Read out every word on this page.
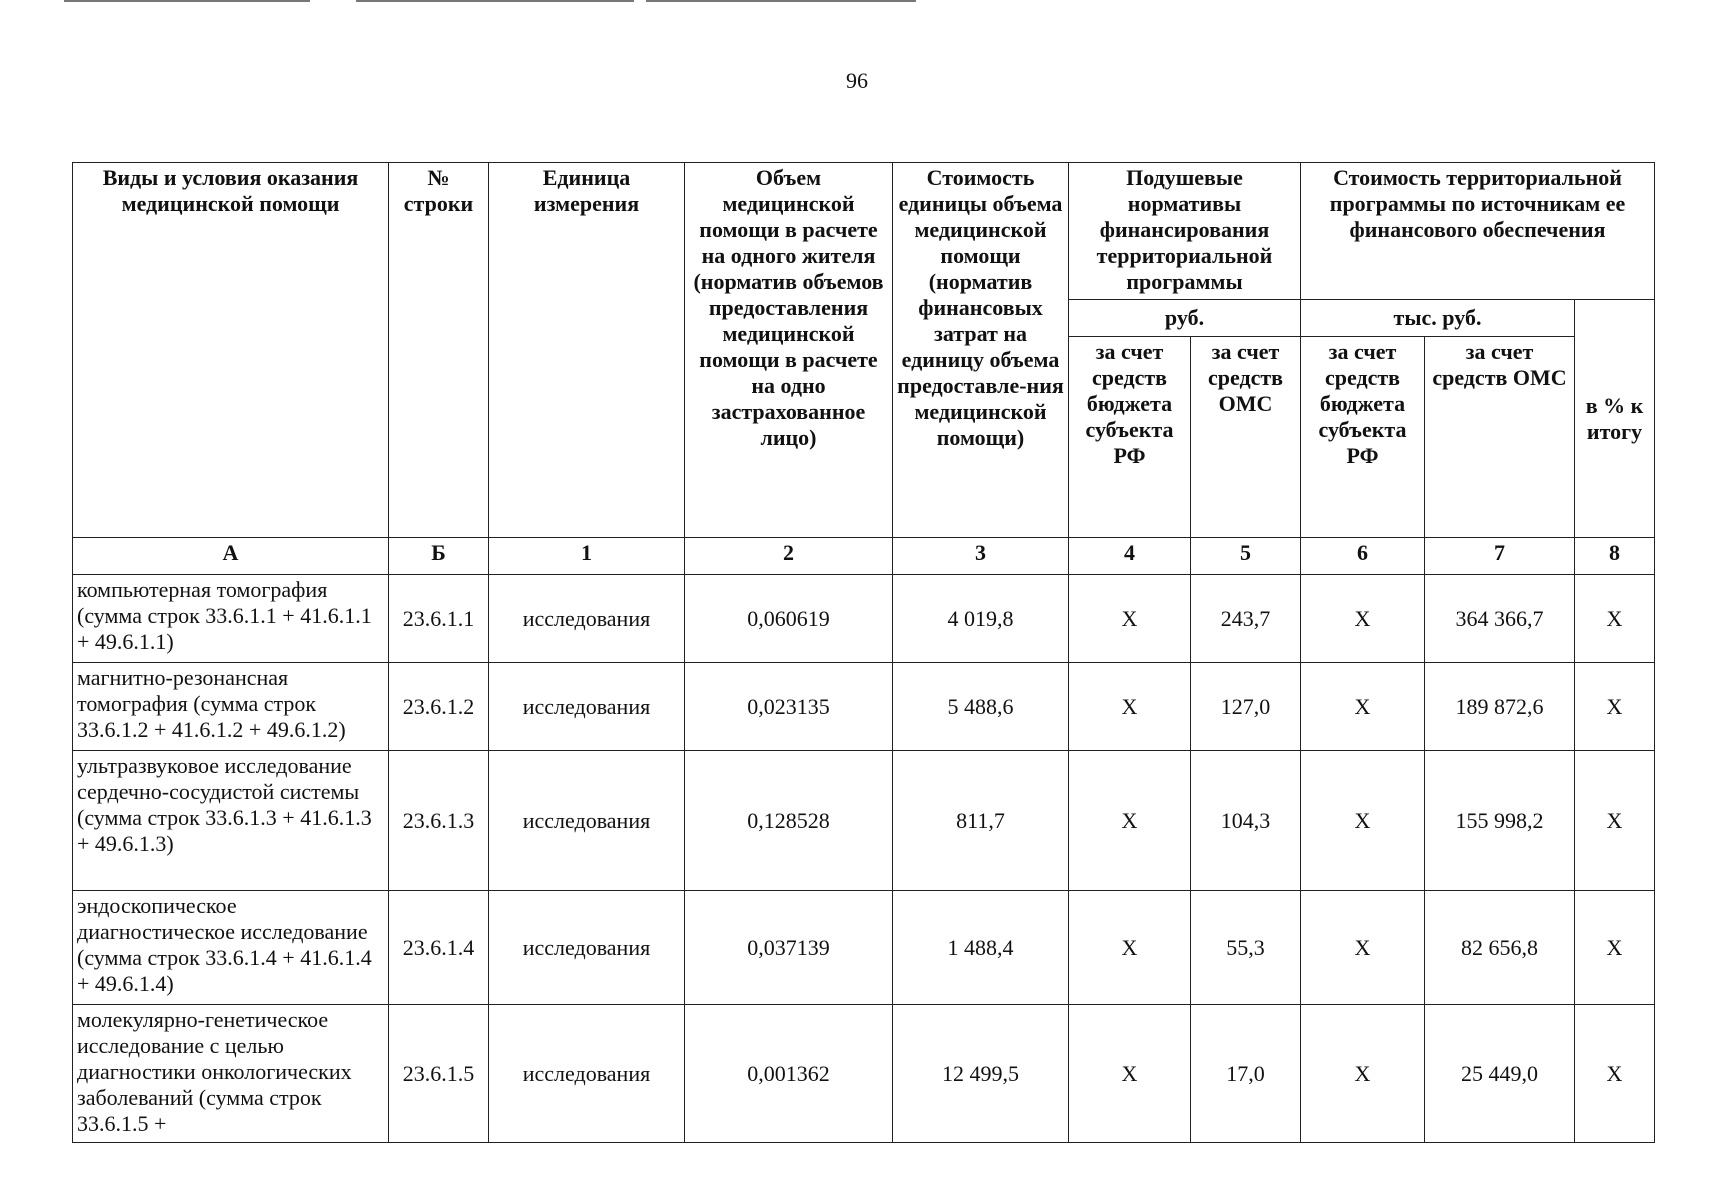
96
Виды и условия оказания медицинской помощи	№ строки	Единица измерения	Объем медицинской помощи в расчете на одного жителя (норматив объемов предоставления медицинской помощи в расчете на одно застрахованное лицо)	Стоимость единицы объема медицинской помощи (норматив финансовых затрат на единицу объема предоставле-ния медицинской помощи)	Подушевые нормативы финансирования территориальной программы		Стоимость территориальной программы по источникам ее финансового обеспечения		
					руб.		тыс. руб.		в % к итогу
					за счет средств бюджета субъекта РФ	за счет средств ОМС	за счет средств бюджета субъекта РФ	за счет средств ОМС	
А	Б	1	2	3	4	5	6	7	8
компьютерная томография (сумма строк 33.6.1.1 + 41.6.1.1 + 49.6.1.1)	23.6.1.1	исследования	0,060619	4 019,8	X	243,7	X	364 366,7	X
магнитно-резонансная томография (сумма строк 33.6.1.2 + 41.6.1.2 + 49.6.1.2)	23.6.1.2	исследования	0,023135	5 488,6	X	127,0	X	189 872,6	X
ультразвуковое исследование сердечно-сосудистой системы (сумма строк 33.6.1.3 + 41.6.1.3 + 49.6.1.3)	23.6.1.3	исследования	0,128528	811,7	X	104,3	X	155 998,2	X
эндоскопическое диагностическое исследование (сумма строк 33.6.1.4 + 41.6.1.4 + 49.6.1.4)	23.6.1.4	исследования	0,037139	1 488,4	X	55,3	X	82 656,8	X
молекулярно-генетическое исследование с целью диагностики онкологических заболеваний (сумма строк 33.6.1.5 +	23.6.1.5	исследования	0,001362	12 499,5	X	17,0	X	25 449,0	X
